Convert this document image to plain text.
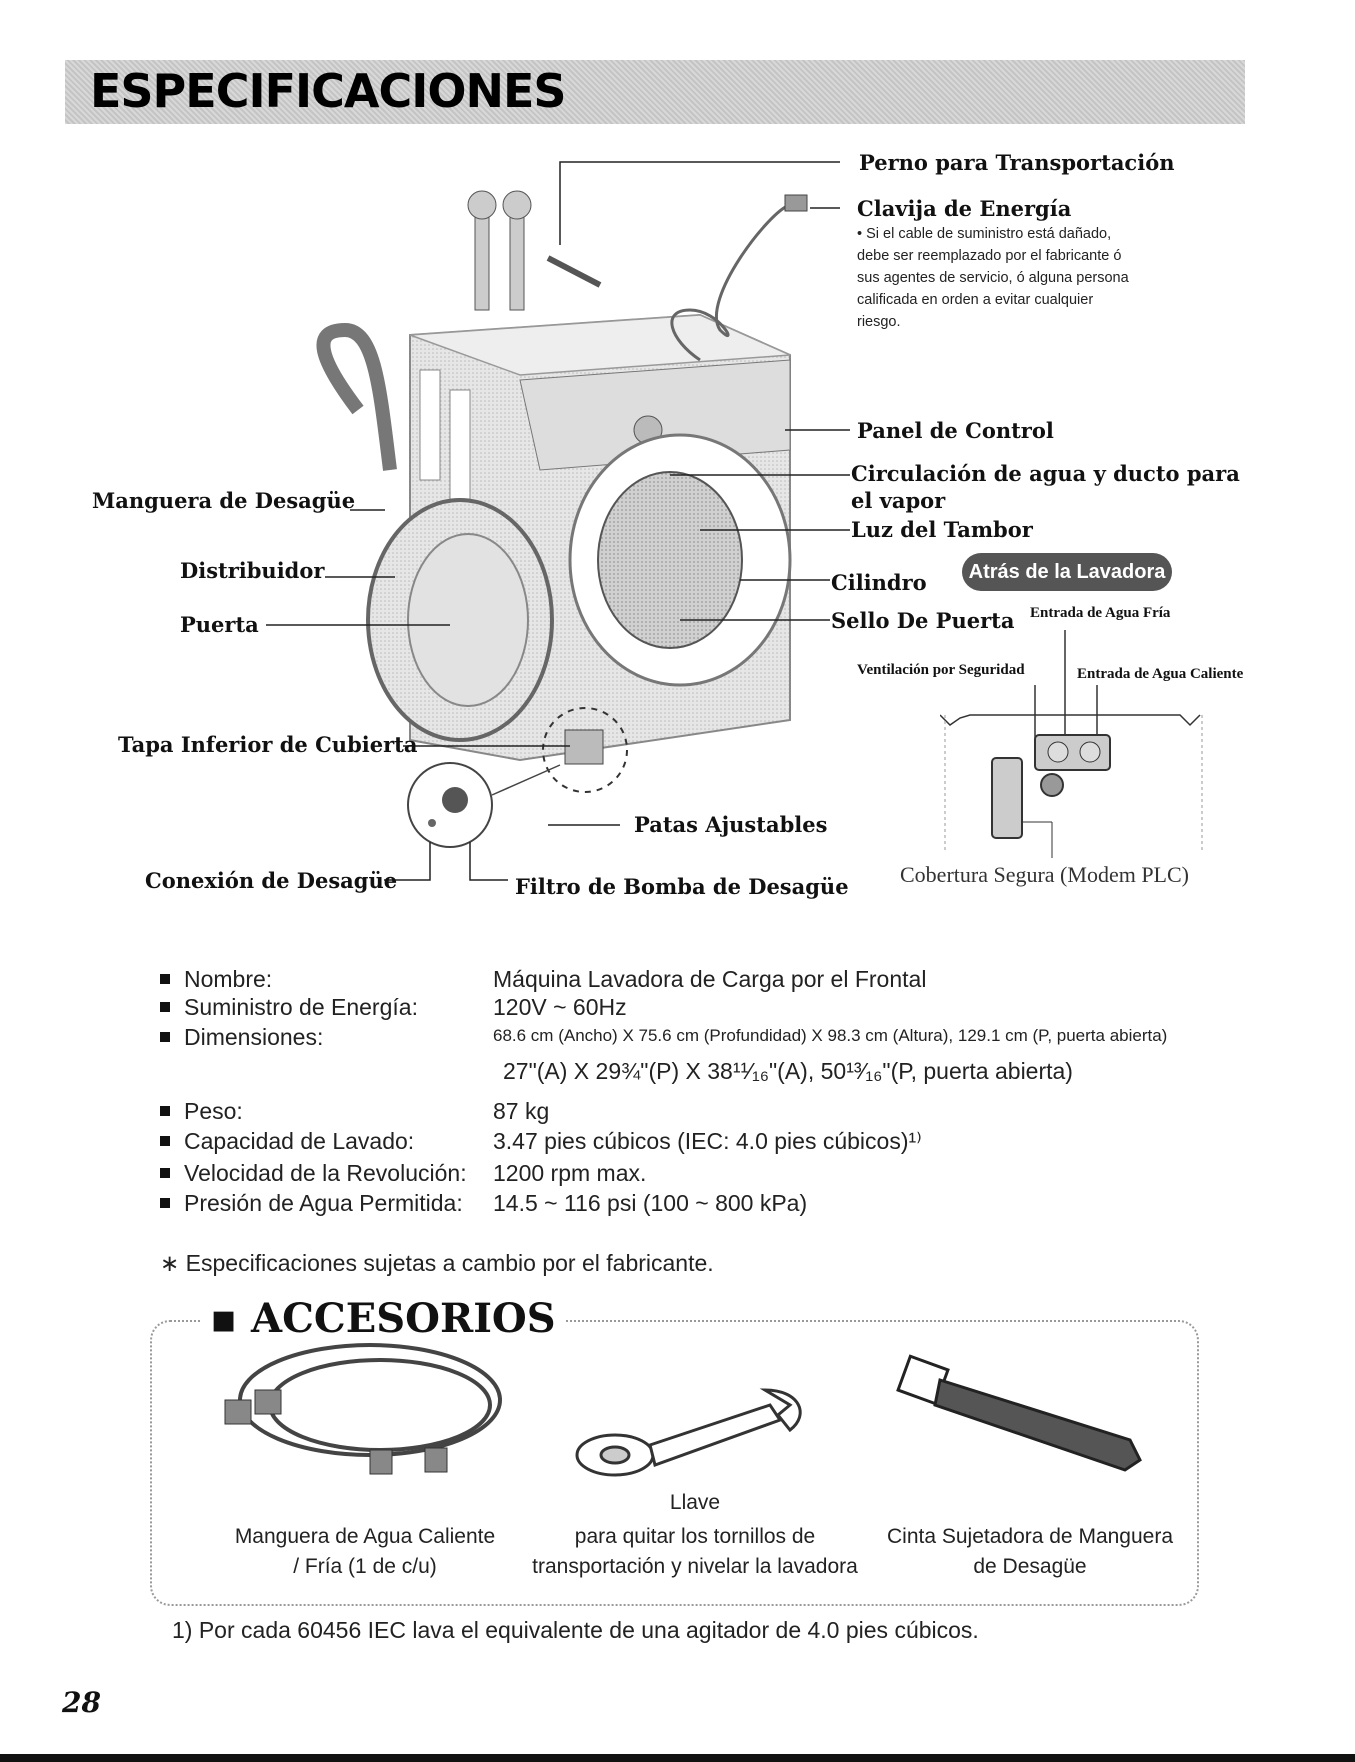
ESPECIFICACIONES
Perno para Transportación
Clavija de Energía
• Si el cable de suministro está dañado, debe ser reemplazado por el fabricante ó sus agentes de servicio, ó alguna persona calificada en orden a evitar cualquier riesgo.
Panel de Control
Circulación de agua y ducto para
el vapor
Luz del Tambor
Cilindro
Sello De Puerta
Manguera de Desagüe
Distribuidor
Puerta
Tapa Inferior de Cubierta
Patas Ajustables
Conexión de Desagüe	Filtro de Bomba de Desagüe
Atrás de la Lavadora
Entrada de Agua Fría
Ventilación por Seguridad	Entrada de Agua Caliente
Cobertura Segura (Modem PLC)
Nombre:	Máquina Lavadora de Carga por el Frontal
Suministro de Energía:	120V ~ 60Hz
Dimensiones:	68.6 cm (Ancho) X 75.6 cm (Profundidad) X 98.3 cm (Altura), 129.1 cm (P, puerta abierta)
27"(A) X 29¾"(P) X 38¹¹⁄₁₆"(A), 50¹³⁄₁₆"(P, puerta abierta)
Peso:	87 kg
Capacidad de Lavado:	3.47 pies cúbicos (IEC: 4.0 pies cúbicos)¹⁾
Velocidad de la Revolución: 1200 rpm max.
Presión de Agua Permitida: 14.5 ~ 116 psi (100 ~ 800 kPa)
∗ Especificaciones sujetas a cambio por el fabricante.
▪ ACCESORIOS
Llave
Manguera de Agua Caliente
/ Fría (1 de c/u)
para quitar los tornillos de
transportación y nivelar la lavadora
Cinta Sujetadora de Manguera
de Desagüe
1) Por cada 60456 IEC lava el equivalente de una agitador de 4.0 pies cúbicos.
28
